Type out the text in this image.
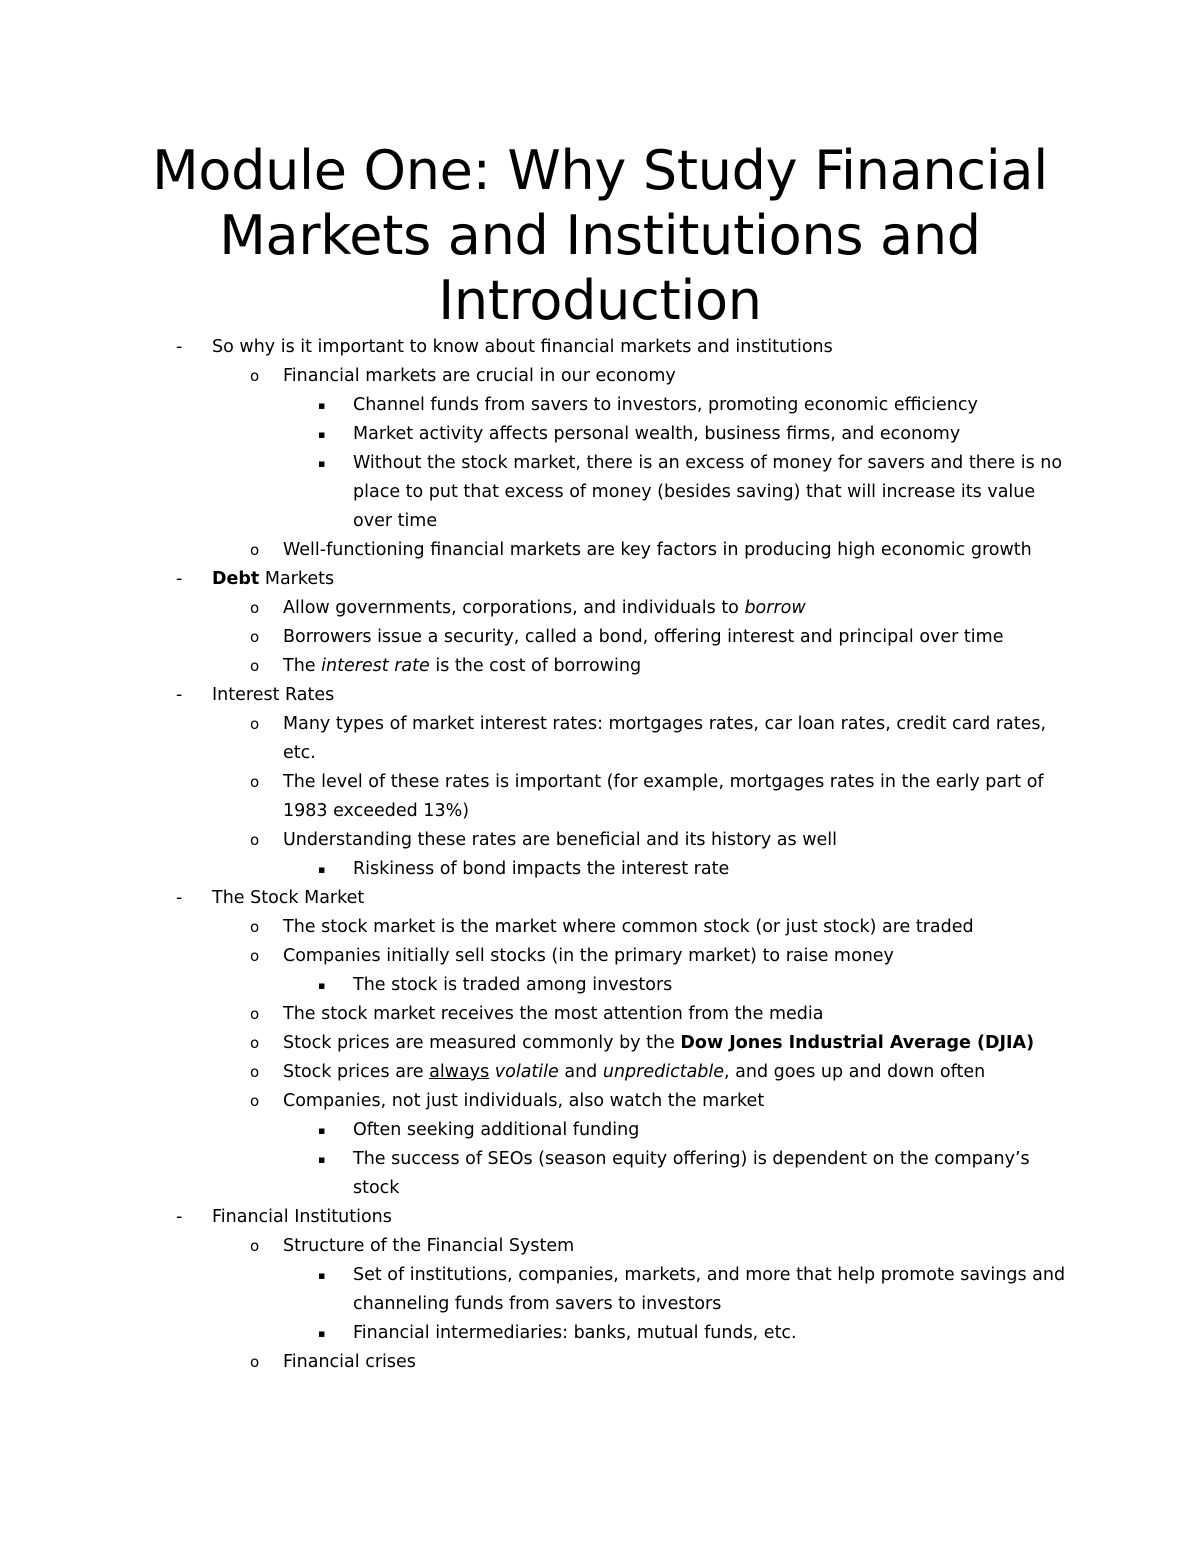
Module One: Why Study Financial
Markets and Institutions and
Introduction
- So why is it important to know about financial markets and institutions
o Financial markets are crucial in our economy
▪ Channel funds from savers to investors, promoting economic efficiency
▪ Market activity affects personal wealth, business firms, and economy
▪ Without the stock market, there is an excess of money for savers and there is no place to put that excess of money (besides saving) that will increase its value over time
o Well-functioning financial markets are key factors in producing high economic growth
- Debt Markets
o Allow governments, corporations, and individuals to borrow
o Borrowers issue a security, called a bond, offering interest and principal over time
o The interest rate is the cost of borrowing
- Interest Rates
o Many types of market interest rates: mortgages rates, car loan rates, credit card rates, etc.
o The level of these rates is important (for example, mortgages rates in the early part of 1983 exceeded 13%)
o Understanding these rates are beneficial and its history as well
▪ Riskiness of bond impacts the interest rate
- The Stock Market
o The stock market is the market where common stock (or just stock) are traded
o Companies initially sell stocks (in the primary market) to raise money
▪ The stock is traded among investors
o The stock market receives the most attention from the media
o Stock prices are measured commonly by the Dow Jones Industrial Average (DJIA)
o Stock prices are always volatile and unpredictable, and goes up and down often
o Companies, not just individuals, also watch the market
▪ Often seeking additional funding
▪ The success of SEOs (season equity offering) is dependent on the company’s stock
- Financial Institutions
o Structure of the Financial System
▪ Set of institutions, companies, markets, and more that help promote savings and channeling funds from savers to investors
▪ Financial intermediaries: banks, mutual funds, etc.
o Financial crises
